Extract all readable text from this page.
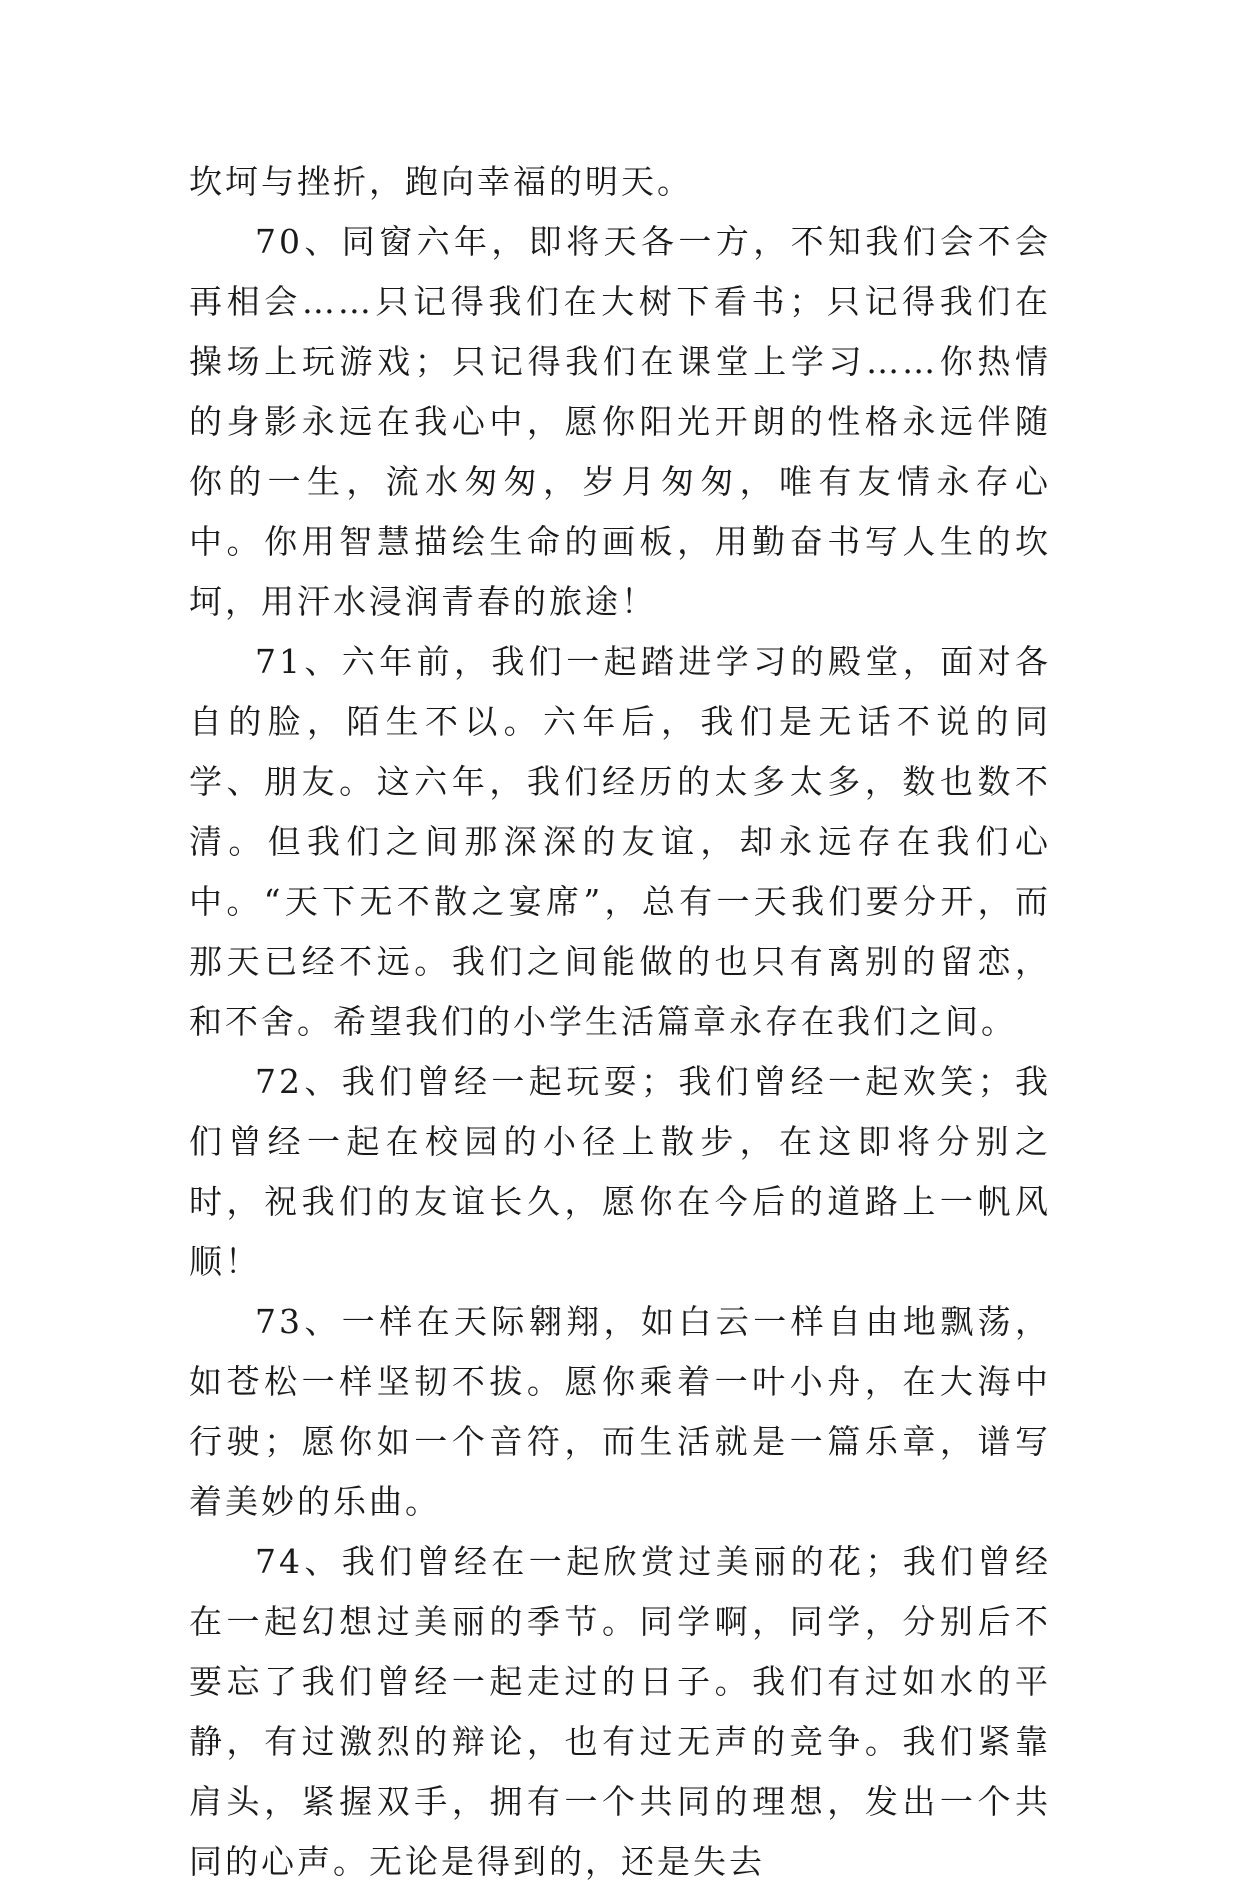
坎坷与挫折，跑向幸福的明天。

70、同窗六年，即将天各一方，不知我们会不会再相会……只记得我们在大树下看书；只记得我们在操场上玩游戏；只记得我们在课堂上学习……你热情的身影永远在我心中，愿你阳光开朗的性格永远伴随你的一生，流水匆匆，岁月匆匆，唯有友情永存心中。你用智慧描绘生命的画板，用勤奋书写人生的坎坷，用汗水浸润青春的旅途！

71、六年前，我们一起踏进学习的殿堂，面对各自的脸，陌生不以。六年后，我们是无话不说的同学、朋友。这六年，我们经历的太多太多，数也数不清。但我们之间那深深的友谊，却永远存在我们心中。“天下无不散之宴席”，总有一天我们要分开，而那天已经不远。我们之间能做的也只有离别的留恋，和不舍。希望我们的小学生活篇章永存在我们之间。

72、我们曾经一起玩耍；我们曾经一起欢笑；我们曾经一起在校园的小径上散步，在这即将分别之时，祝我们的友谊长久，愿你在今后的道路上一帆风顺！

73、一样在天际翱翔，如白云一样自由地飘荡，如苍松一样坚韧不拔。愿你乘着一叶小舟，在大海中行驶；愿你如一个音符，而生活就是一篇乐章，谱写着美妙的乐曲。

74、我们曾经在一起欣赏过美丽的花；我们曾经在一起幻想过美丽的季节。同学啊，同学，分别后不要忘了我们曾经一起走过的日子。我们有过如水的平静，有过激烈的辩论，也有过无声的竞争。我们紧靠肩头，紧握双手，拥有一个共同的理想，发出一个共同的心声。无论是得到的，还是失去
